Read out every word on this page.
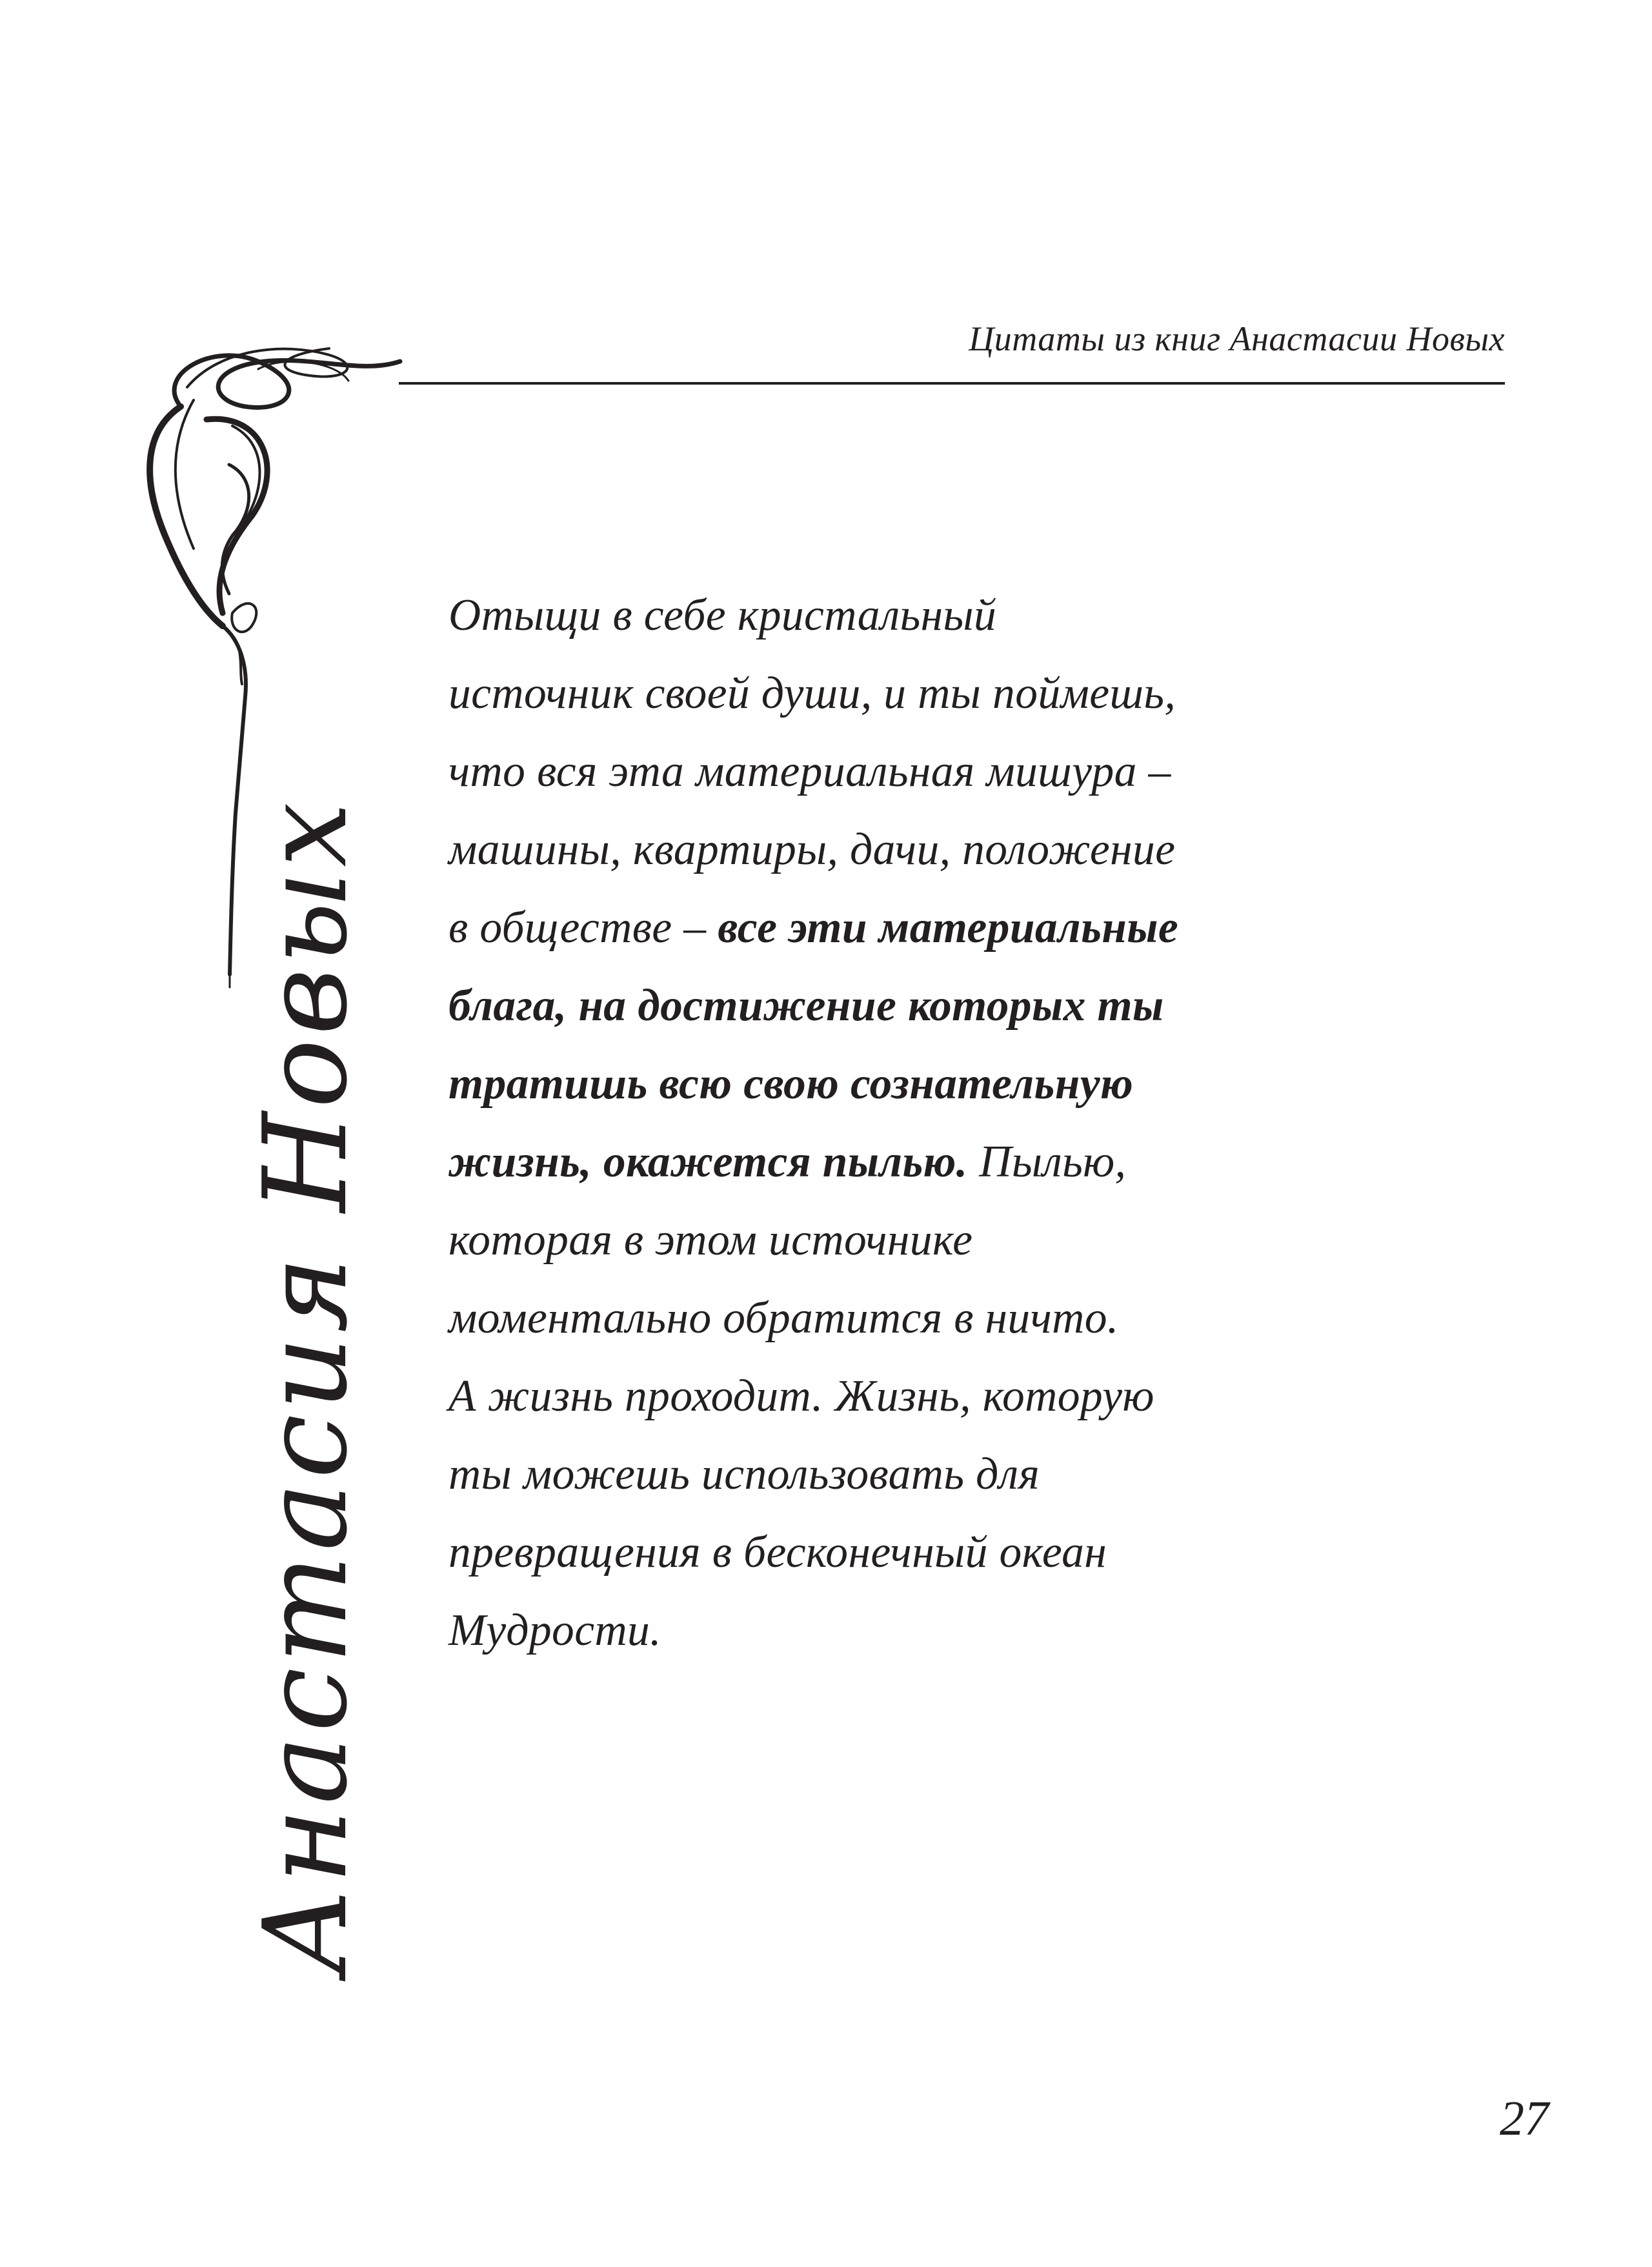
Цитаты из книг Анастасии Новых
Анастасия Новых
Отыщи в себе кристальный
источник своей души, и ты поймешь,
что вся эта материальная мишура –
машины, квартиры, дачи, положение
в обществе – все эти материальные
блага, на достижение которых ты
тратишь всю свою сознательную
жизнь, окажется пылью. Пылью,
которая в этом источнике
моментально обратится в ничто.
А жизнь проходит. Жизнь, которую
ты можешь использовать для
превращения в бесконечный океан
Мудрости.
27
